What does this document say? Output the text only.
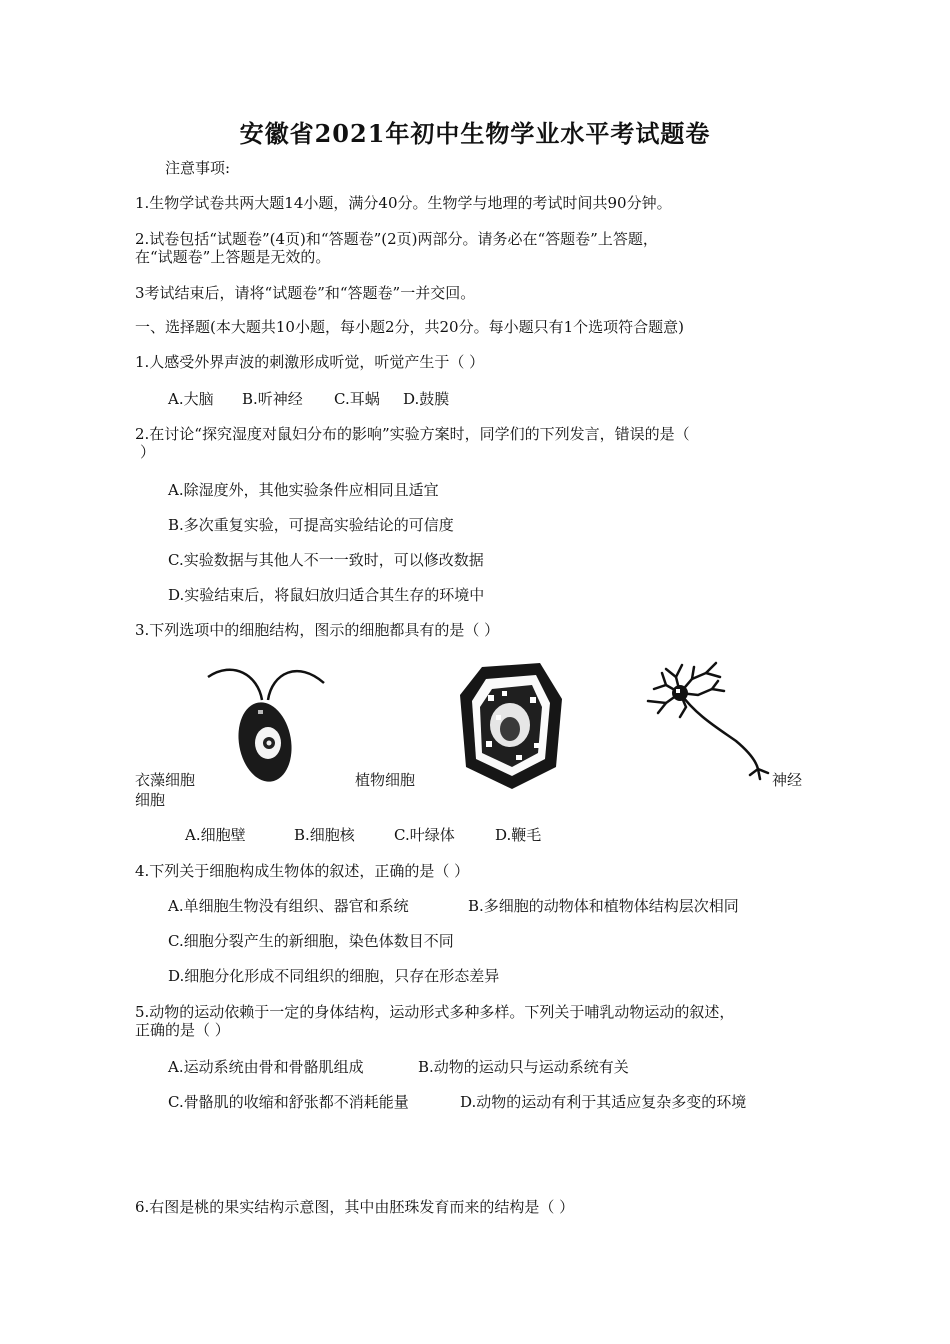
安徽省2021年初中生物学业水平考试题卷
注意事项:
1.生物学试卷共两大题14小题，满分40分。生物学与地理的考试时间共90分钟。
2.试卷包括“试题卷”(4页)和“答题卷”(2页)两部分。请务必在“答题卷”上答题，
在“试题卷”上答题是无效的。
3考试结束后，请将“试题卷”和“答题卷”一并交回。
一、选择题(本大题共10小题，每小题2分，共20分。每小题只有1个选项符合题意)
1.人感受外界声波的刺激形成听觉，听觉产生于（ ）
A.大脑 B.听神经 C.耳蜗 D.鼓膜
2.在讨论“探究湿度对鼠妇分布的影响”实验方案时，同学们的下列发言，错误的是（
）
A.除湿度外，其他实验条件应相同且适宜
B.多次重复实验，可提高实验结论的可信度
C.实验数据与其他人不一一致时，可以修改数据
D.实验结束后，将鼠妇放归适合其生存的环境中
3.下列选项中的细胞结构，图示的细胞都具有的是（ ）
衣藻细胞	植物细胞	神经
细胞
A.细胞壁	B.细胞核	C.叶绿体	D.鞭毛
4.下列关于细胞构成生物体的叙述，正确的是（ ）
A.单细胞生物没有组织、器官和系统	B.多细胞的动物体和植物体结构层次相同
C.细胞分裂产生的新细胞，染色体数目不同
D.细胞分化形成不同组织的细胞，只存在形态差异
5.动物的运动依赖于一定的身体结构，运动形式多种多样。下列关于哺乳动物运动的叙述，
正确的是（ ）
A.运动系统由骨和骨骼肌组成	B.动物的运动只与运动系统有关
C.骨骼肌的收缩和舒张都不消耗能量	D.动物的运动有利于其适应复杂多变的环境
6.右图是桃的果实结构示意图，其中由胚珠发育而来的结构是（ ）
